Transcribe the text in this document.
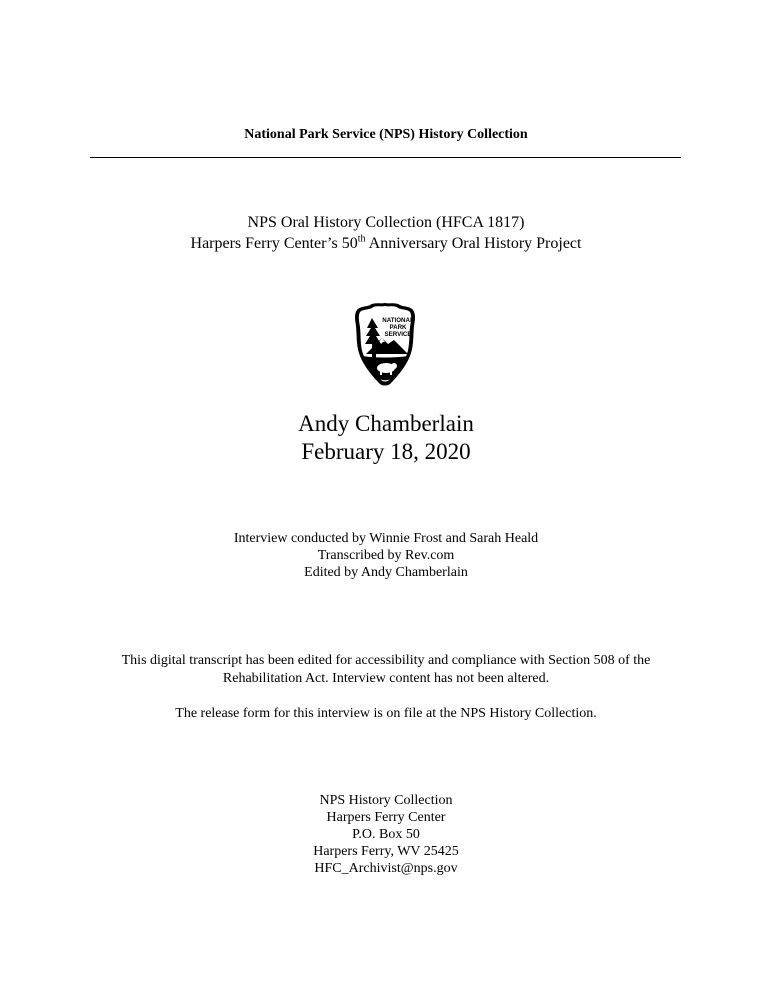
National Park Service (NPS) History Collection
NPS Oral History Collection (HFCA 1817)
Harpers Ferry Center’s 50th Anniversary Oral History Project
NATIONAL
PARK
SERVICE
Andy Chamberlain
February 18, 2020
Interview conducted by Winnie Frost and Sarah Heald
Transcribed by Rev.com
Edited by Andy Chamberlain
This digital transcript has been edited for accessibility and compliance with Section 508 of the
Rehabilitation Act. Interview content has not been altered.
The release form for this interview is on file at the NPS History Collection.
NPS History Collection
Harpers Ferry Center
P.O. Box 50
Harpers Ferry, WV 25425
HFC_Archivist@nps.gov
